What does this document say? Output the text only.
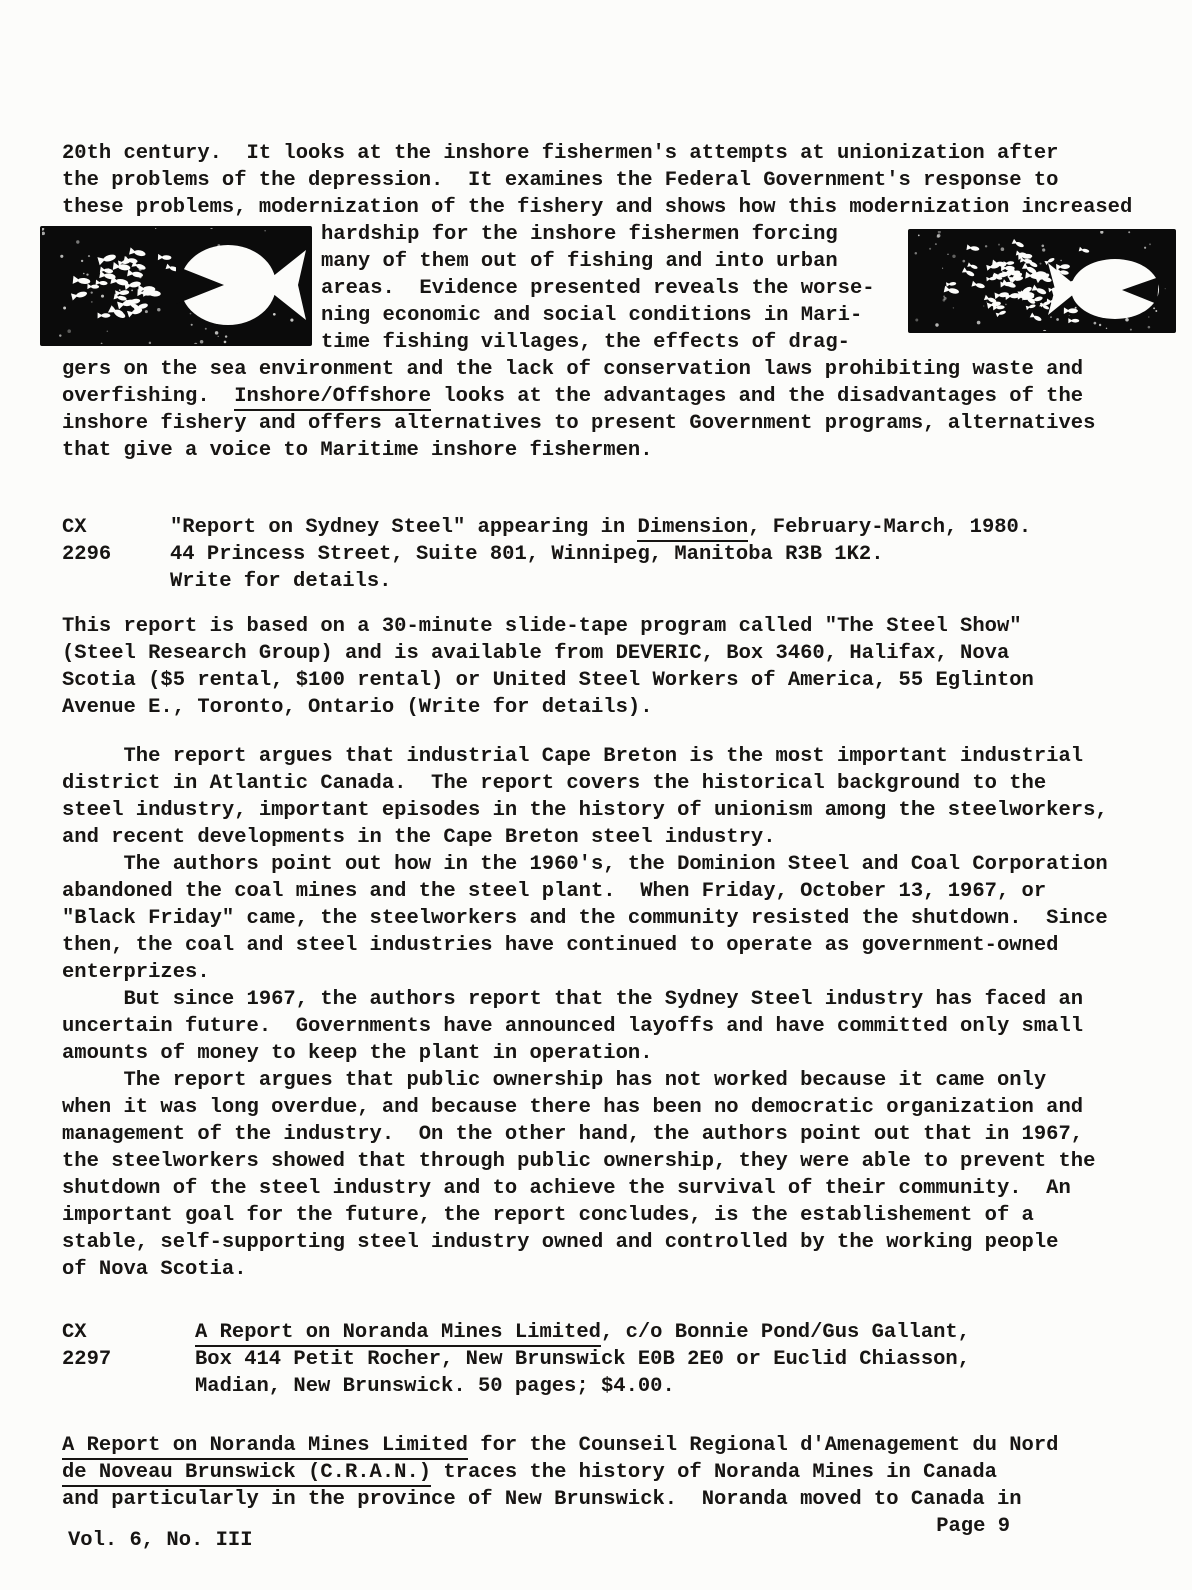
20th century.  It looks at the inshore fishermen's attempts at unionization after
the problems of the depression.  It examines the Federal Government's response to
these problems, modernization of the fishery and shows how this modernization increased
hardship for the inshore fishermen forcing
many of them out of fishing and into urban
areas.  Evidence presented reveals the worse-
ning economic and social conditions in Mari-
time fishing villages, the effects of drag-
gers on the sea environment and the lack of conservation laws prohibiting waste and
overfishing.  Inshore/Offshore looks at the advantages and the disadvantages of the
inshore fishery and offers alternatives to present Government programs, alternatives
that give a voice to Maritime inshore fishermen.
CX
2296
"Report on Sydney Steel" appearing in Dimension, February-March, 1980.
44 Princess Street, Suite 801, Winnipeg, Manitoba R3B 1K2.
Write for details.
This report is based on a 30-minute slide-tape program called "The Steel Show"
(Steel Research Group) and is available from DEVERIC, Box 3460, Halifax, Nova
Scotia ($5 rental, $100 rental) or United Steel Workers of America, 55 Eglinton
Avenue E., Toronto, Ontario (Write for details).
The report argues that industrial Cape Breton is the most important industrial
district in Atlantic Canada.  The report covers the historical background to the
steel industry, important episodes in the history of unionism among the steelworkers,
and recent developments in the Cape Breton steel industry.
The authors point out how in the 1960's, the Dominion Steel and Coal Corporation
abandoned the coal mines and the steel plant.  When Friday, October 13, 1967, or
"Black Friday" came, the steelworkers and the community resisted the shutdown.  Since
then, the coal and steel industries have continued to operate as government-owned
enterprizes.
But since 1967, the authors report that the Sydney Steel industry has faced an
uncertain future.  Governments have announced layoffs and have committed only small
amounts of money to keep the plant in operation.
The report argues that public ownership has not worked because it came only
when it was long overdue, and because there has been no democratic organization and
management of the industry.  On the other hand, the authors point out that in 1967,
the steelworkers showed that through public ownership, they were able to prevent the
shutdown of the steel industry and to achieve the survival of their community.  An
important goal for the future, the report concludes, is the establishement of a
stable, self-supporting steel industry owned and controlled by the working people
of Nova Scotia.
CX
2297
A Report on Noranda Mines Limited, c/o Bonnie Pond/Gus Gallant,
Box 414 Petit Rocher, New Brunswick E0B 2E0 or Euclid Chiasson,
Madian, New Brunswick. 50 pages; $4.00.
A Report on Noranda Mines Limited for the Counseil Regional d'Amenagement du Nord
de Noveau Brunswick (C.R.A.N.) traces the history of Noranda Mines in Canada
and particularly in the province of New Brunswick.  Noranda moved to Canada in
Vol. 6, No. III
Page 9
